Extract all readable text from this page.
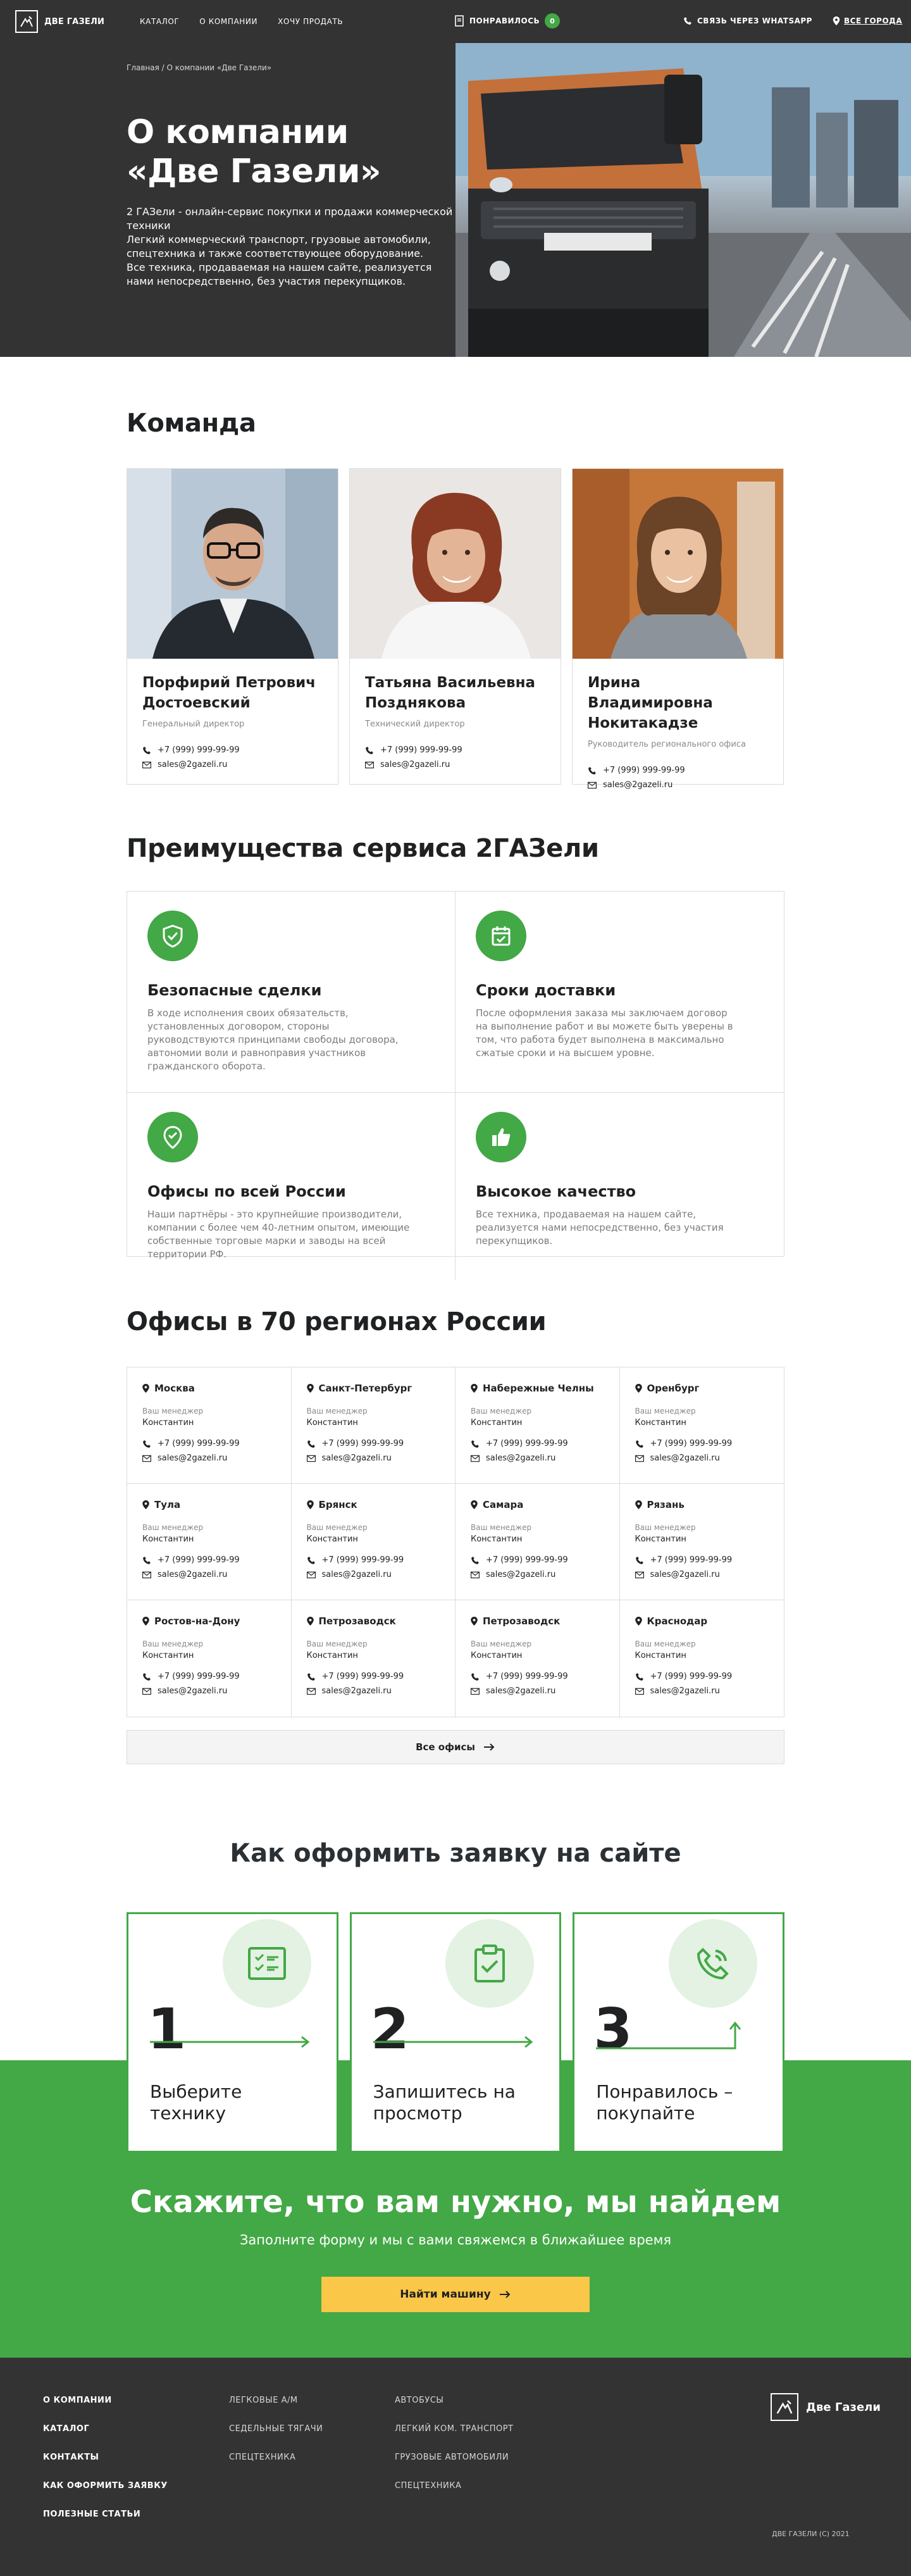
ДВЕ ГАЗЕЛИ	КАТАЛОГ	О КОМПАНИИ	ХОЧУ ПРОДАТЬ	ПОНРАВИЛОСЬ	0	СВЯЗЬ ЧЕРЕЗ WHATSAPP	ВСЕ ГОРОДА
Главная / О компании «Две Газели»
О компании
«Две Газели»

2 ГАЗели - онлайн-сервис покупки и продажи коммерческой техники
Легкий коммерческий транспорт, грузовые автомобили, спецтехника и также соответствующее оборудование.
Все техника, продаваемая на нашем сайте, реализуется нами непосредственно, без участия перекупщиков.

Команда
Порфирий Петрович Достоевский
Генеральный директор
+7 (999) 999-99-99
sales@2gazeli.ru
Татьяна Васильевна Позднякова
Технический директор
+7 (999) 999-99-99
sales@2gazeli.ru
Ирина Владимировна Нокитакадзе
Руководитель регионального офиса
+7 (999) 999-99-99
sales@2gazeli.ru
Преимущества сервиса 2ГАЗели
Безопасные сделки
В ходе исполнения своих обязательств, установленных договором, стороны руководствуются принципами свободы договора, автономии воли и равноправия участников гражданского оборота.
Сроки доставки
После оформления заказа мы заключаем договор на выполнение работ и вы можете быть уверены в том, что работа будет выполнена в максимально сжатые сроки и на высшем уровне.
Офисы по всей России
Наши партнёры - это крупнейшие производители, компании с более чем 40-летним опытом, имеющие собственные торговые марки и заводы на всей территории РФ.
Высокое качество
Все техника, продаваемая на нашем сайте, реализуется нами непосредственно, без участия перекупщиков.
Офисы в 70 регионах России
Москва
Ваш менеджер
Константин
+7 (999) 999-99-99
sales@2gazeli.ru
Санкт-Петербург
Ваш менеджер
Константин
+7 (999) 999-99-99
sales@2gazeli.ru
Набережные Челны
Ваш менеджер
Константин
+7 (999) 999-99-99
sales@2gazeli.ru
Оренбург
Ваш менеджер
Константин
+7 (999) 999-99-99
sales@2gazeli.ru
Тула
Ваш менеджер
Константин
+7 (999) 999-99-99
sales@2gazeli.ru
Брянск
Ваш менеджер
Константин
+7 (999) 999-99-99
sales@2gazeli.ru
Самара
Ваш менеджер
Константин
+7 (999) 999-99-99
sales@2gazeli.ru
Рязань
Ваш менеджер
Константин
+7 (999) 999-99-99
sales@2gazeli.ru
Ростов-на-Дону
Ваш менеджер
Константин
+7 (999) 999-99-99
sales@2gazeli.ru
Петрозаводск
Ваш менеджер
Константин
+7 (999) 999-99-99
sales@2gazeli.ru
Петрозаводск
Ваш менеджер
Константин
+7 (999) 999-99-99
sales@2gazeli.ru
Краснодар
Ваш менеджер
Константин
+7 (999) 999-99-99
sales@2gazeli.ru
Все офисы
Как оформить заявку на сайте
1
Выберите технику
2
Запишитесь на просмотр
3
Понравилось – покупайте
Скажите, что вам нужно, мы найдем

Заполните форму и мы с вами свяжемся в ближайшее время

Найти машину
О КОМПАНИИ
КАТАЛОГ
КОНТАКТЫ
КАК ОФОРМИТЬ ЗАЯВКУ
ПОЛЕЗНЫЕ СТАТЬИ
ЛЕГКОВЫЕ А/М
СЕДЕЛЬНЫЕ ТЯГАЧИ
СПЕЦТЕХНИКА
АВТОБУСЫ
ЛЕГКИЙ КОМ. ТРАНСПОРТ
ГРУЗОВЫЕ АВТОМОБИЛИ
СПЕЦТЕХНИКА
Две Газели
ДВЕ ГАЗЕЛИ (С) 2021
